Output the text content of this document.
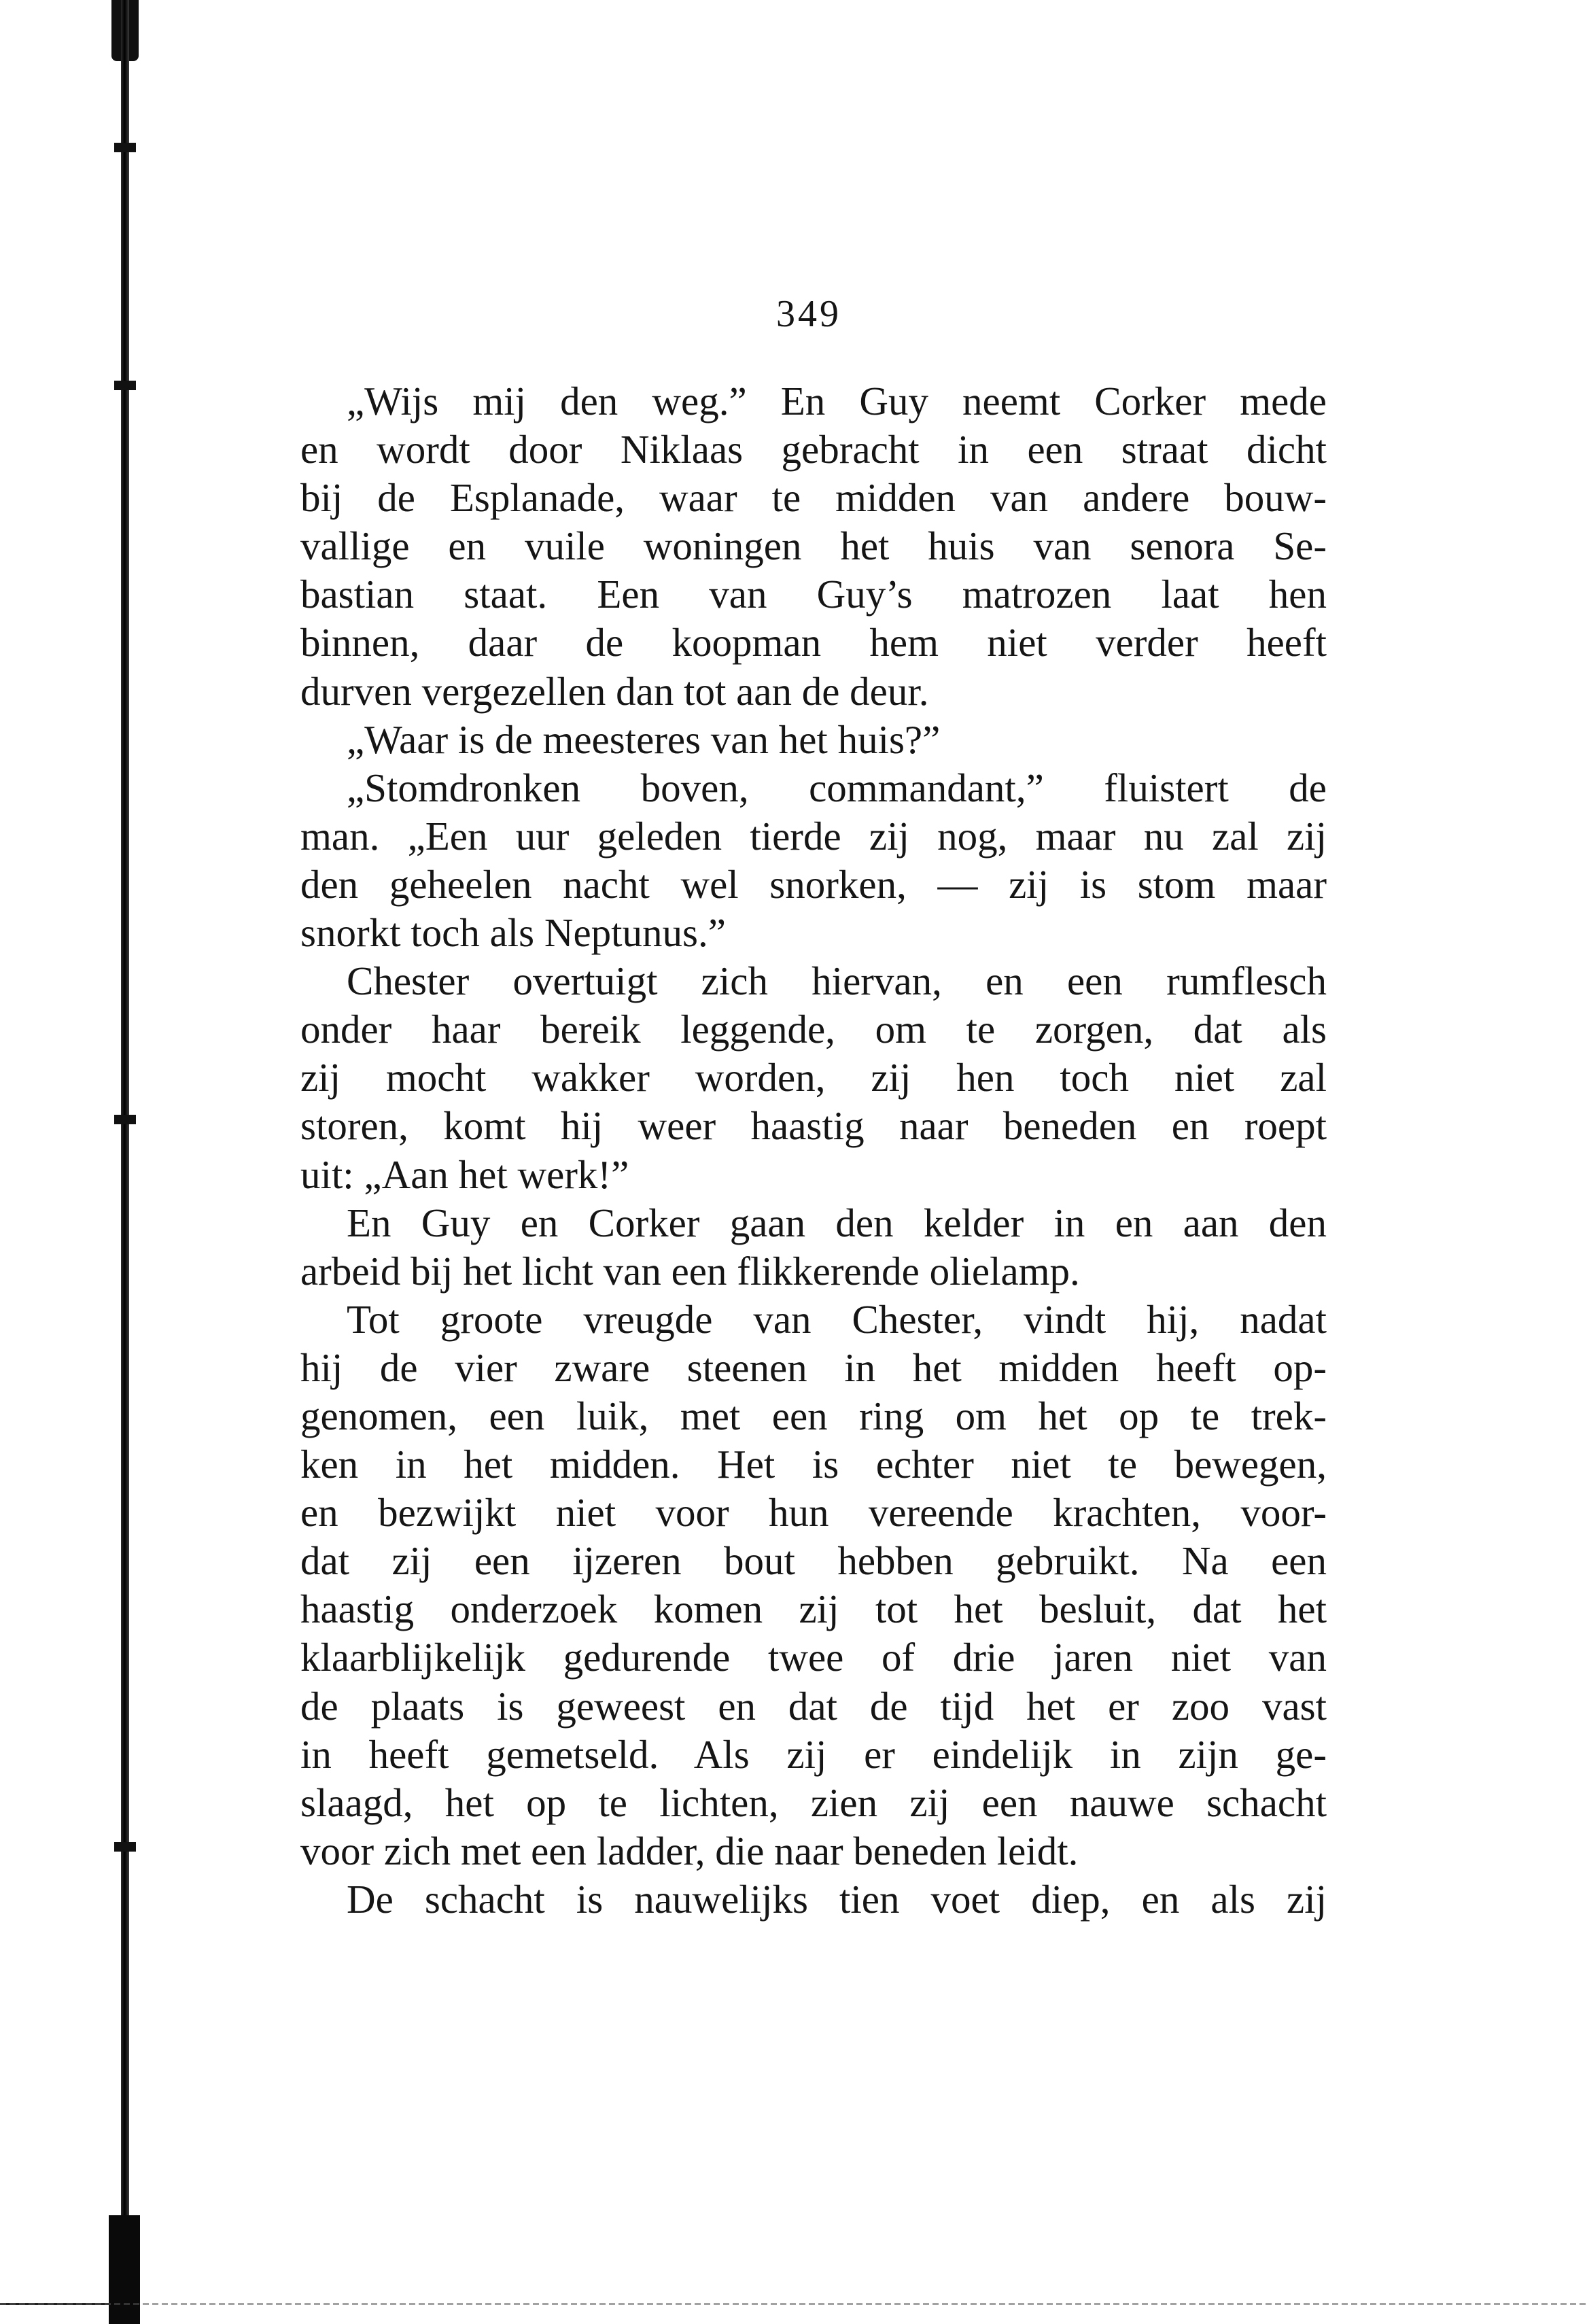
349
„Wijs mij den weg.” En Guy neemt Corker mede
en wordt door Niklaas gebracht in een straat dicht
bij de Esplanade, waar te midden van andere bouw-
vallige en vuile woningen het huis van senora Se-
bastian staat. Een van Guy’s matrozen laat hen
binnen, daar de koopman hem niet verder heeft
durven vergezellen dan tot aan de deur.
„Waar is de meesteres van het huis?”
„Stomdronken boven, commandant,” fluistert de
man. „Een uur geleden tierde zij nog, maar nu zal zij
den geheelen nacht wel snorken, — zij is stom maar
snorkt toch als Neptunus.”
Chester overtuigt zich hiervan, en een rumflesch
onder haar bereik leggende, om te zorgen, dat als
zij mocht wakker worden, zij hen toch niet zal
storen, komt hij weer haastig naar beneden en roept
uit: „Aan het werk!”
En Guy en Corker gaan den kelder in en aan den
arbeid bij het licht van een flikkerende olielamp.
Tot groote vreugde van Chester, vindt hij, nadat
hij de vier zware steenen in het midden heeft op-
genomen, een luik, met een ring om het op te trek-
ken in het midden. Het is echter niet te bewegen,
en bezwijkt niet voor hun vereende krachten, voor-
dat zij een ijzeren bout hebben gebruikt. Na een
haastig onderzoek komen zij tot het besluit, dat het
klaarblijkelijk gedurende twee of drie jaren niet van
de plaats is geweest en dat de tijd het er zoo vast
in heeft gemetseld. Als zij er eindelijk in zijn ge-
slaagd, het op te lichten, zien zij een nauwe schacht
voor zich met een ladder, die naar beneden leidt.
De schacht is nauwelijks tien voet diep, en als zij
